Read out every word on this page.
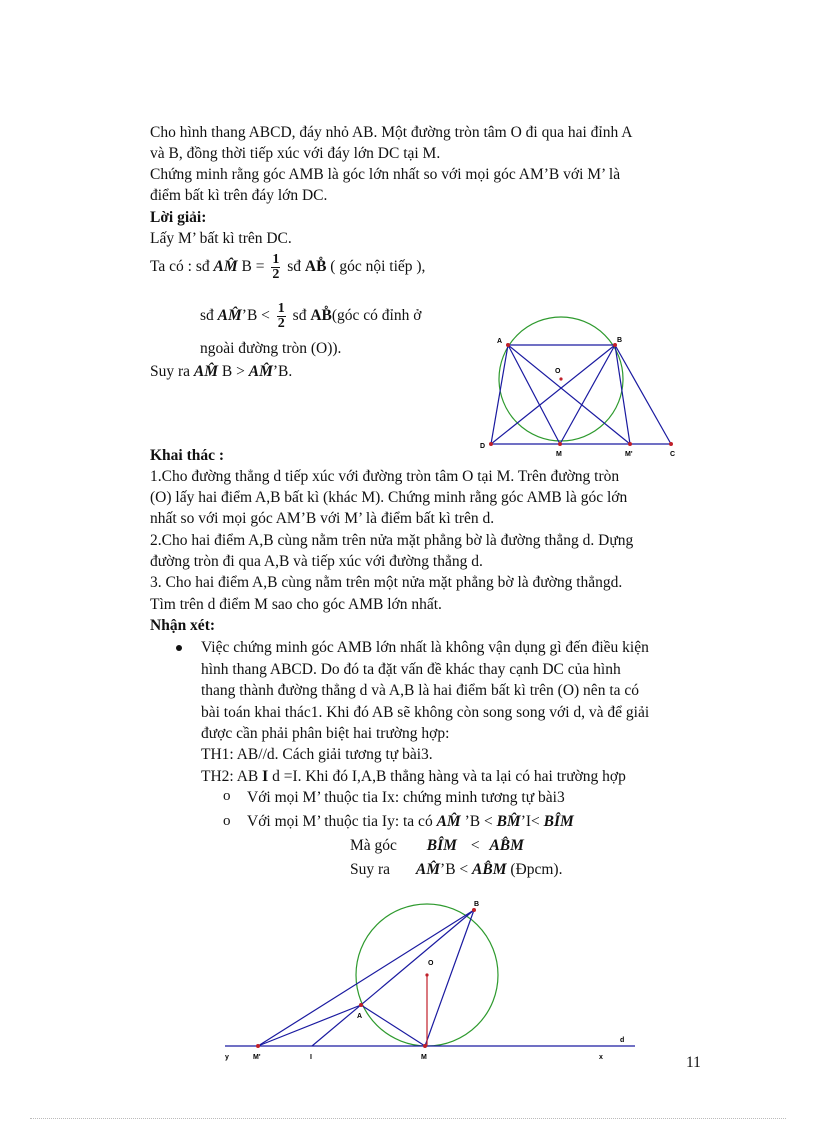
Cho hình thang ABCD, đáy nhỏ AB. Một đường tròn tâm O đi qua hai đỉnh A
và B, đồng thời tiếp xúc với đáy lớn DC tại M.
Chứng minh rằng góc AMB là góc lớn nhất so với mọi góc AM’B với M’ là
điểm bất kì trên đáy lớn DC.
Lời giải:
Lấy M’ bất kì trên DC.
Ta có : sđ AM̂ $B = \frac{1}{2}$ sđ AB̊ ( góc nội tiếp ),
sđ AM̂’B < $\frac{1}{2}$ sđ AB̊(góc có đỉnh ở
ngoài đường tròn (O)).
Suy ra AM̂ B > AM̂’B.
A	B
O
D
M	M'	C
Khai thác :
1.Cho đường thẳng d tiếp xúc với đường tròn tâm O tại M. Trên đường tròn
(O) lấy hai điểm A,B bất kì (khác M). Chứng minh rằng góc AMB là góc lớn
nhất so với mọi góc AM’B với M’ là điểm bất kì trên d.
2.Cho hai điểm A,B cùng nằm trên nửa mặt phẳng bờ là đường thẳng d. Dựng
đường tròn đi qua A,B và tiếp xúc với đường thẳng d.
3. Cho hai điểm A,B cùng nằm trên một nửa mặt phẳng bờ là đường thẳngd.
Tìm trên d điểm M sao cho góc AMB lớn nhất.
Nhận xét:
Việc chứng minh góc AMB lớn nhất là không vận dụng gì đến điều kiện
hình thang ABCD. Do đó ta đặt vấn đề khác thay cạnh DC của hình
thang thành đường thẳng d và A,B là hai điểm bất kì trên (O) nên ta có
bài toán khai thác1. Khi đó AB sẽ không còn song song với d, và để giải
được cần phải phân biệt hai trường hợp:
TH1: AB//d. Cách giải tương tự bài3.
TH2: AB I d =I. Khi đó I,A,B thẳng hàng và ta lại có hai trường hợp
o Với mọi M’ thuộc tia Ix: chứng minh tương tự bài3
o Với mọi M’ thuộc tia Iy: ta có AM̂ ’B < BM̂’I< BÎM
Mà góc BÎM < AB̂M
Suy ra AM̂’B < AB̂M (Đpcm).
B
O
A
d
y	M'	I	M	x	11
